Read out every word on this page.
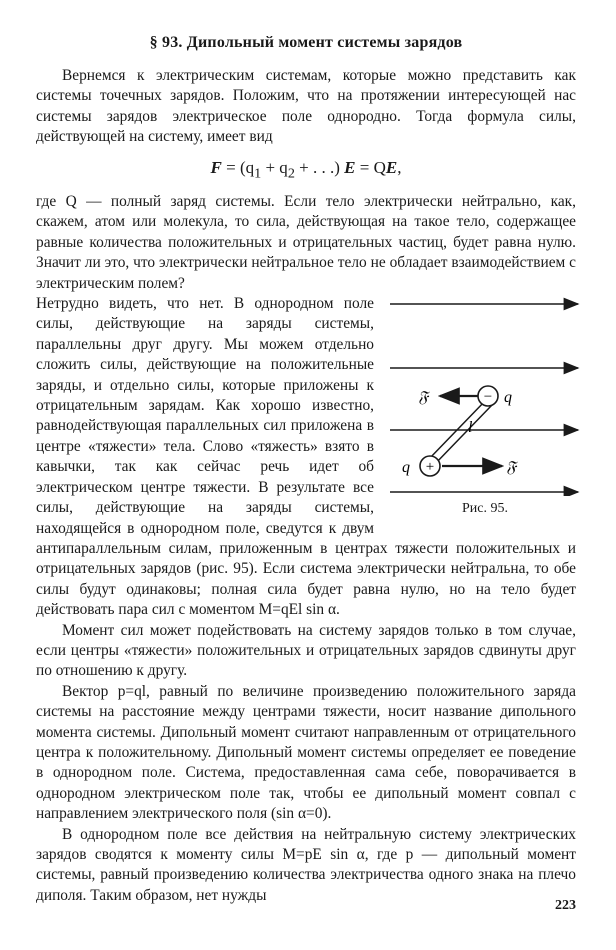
§ 93. Дипольный момент системы зарядов

Вернемся к электрическим системам, которые можно представить как системы точечных зарядов. Положим, что на протяжении интересующей нас системы зарядов электрическое поле однородно. Тогда формула силы, действующей на систему, имеет вид

$F = (q_1 + q_2$ + . . .) E = QE,

где Q — полный заряд системы. Если тело электрически нейтрально, как, скажем, атом или молекула, то сила, действующая на такое тело, содержащее равные количества положительных и отрицательных частиц, будет равна нулю. Значит ли это, что электрически нейтральное тело не обладает взаимодействием с электрическим полем?

−
+
𝔉
𝔉
q
q
l
Рис. 95.

Нетрудно видеть, что нет. В однородном поле силы, действующие на заряды системы, параллельны друг другу. Мы можем отдельно сложить силы, действующие на положительные заряды, и отдельно силы, которые приложены к отрицательным зарядам. Как хорошо известно, равнодействующая параллельных сил приложена в центре «тяжести» тела. Слово «тяжесть» взято в кавычки, так как сейчас речь идет об электрическом центре тяжести. В результате все силы, действующие на заряды системы, находящейся в однородном поле, сведутся к двум антипараллельным силам, приложенным в центрах тяжести положительных и отрицательных зарядов (рис. 95). Если система электрически нейтральна, то обе силы будут одинаковы; полная сила будет равна нулю, но на тело будет действовать пара сил с моментом M=qEl sin α.

Момент сил может подействовать на систему зарядов только в том случае, если центры «тяжести» положительных и отрицательных зарядов сдвинуты друг по отношению к другу.

Вектор p=ql, равный по величине произведению положительного заряда системы на расстояние между центрами тяжести, носит название дипольного момента системы. Дипольный момент считают направленным от отрицательного центра к положительному. Дипольный момент системы определяет ее поведение в однородном поле. Система, предоставленная сама себе, поворачивается в однородном электрическом поле так, чтобы ее дипольный момент совпал с направлением электрического поля (sin α=0).

В однородном поле все действия на нейтральную систему электрических зарядов сводятся к моменту силы M=pE sin α, где p — дипольный момент системы, равный произведению количества электричества одного знака на плечо диполя. Таким образом, нет нужды

223
